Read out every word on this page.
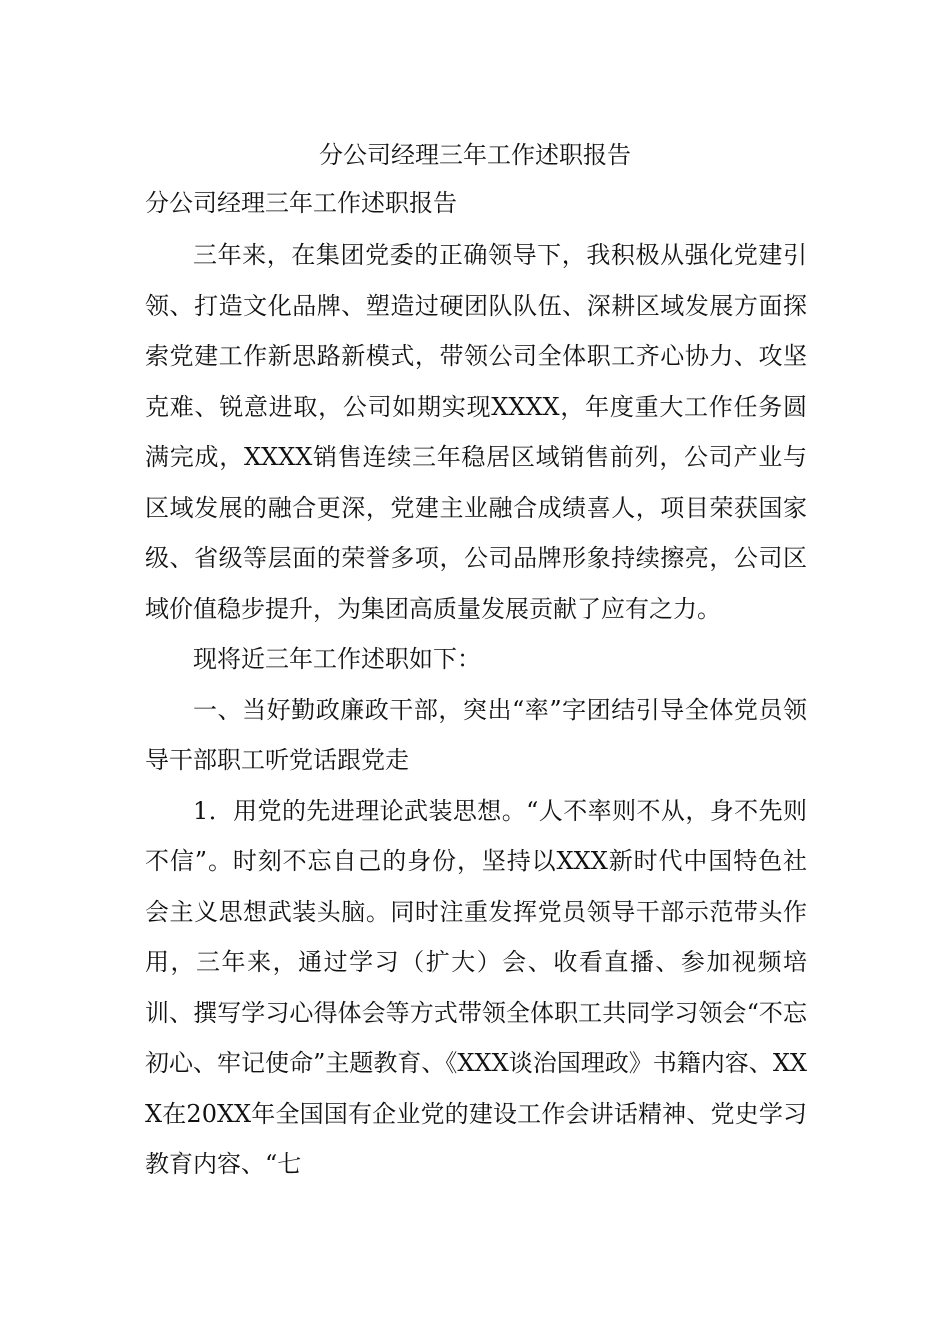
分公司经理三年工作述职报告

分公司经理三年工作述职报告

三年来，在集团党委的正确领导下，我积极从强化党建引领、打造文化品牌、塑造过硬团队队伍、深耕区域发展方面探索党建工作新思路新模式，带领公司全体职工齐心协力、攻坚克难、锐意进取，公司如期实现XXXX，年度重大工作任务圆满完成，XXXX销售连续三年稳居区域销售前列，公司产业与区域发展的融合更深，党建主业融合成绩喜人，项目荣获国家级、省级等层面的荣誉多项，公司品牌形象持续擦亮，公司区域价值稳步提升，为集团高质量发展贡献了应有之力。

现将近三年工作述职如下：

一、当好勤政廉政干部，突出“率”字团结引导全体党员领导干部职工听党话跟党走

1．用党的先进理论武装思想。“人不率则不从，身不先则不信”。时刻不忘自己的身份，坚持以XXX新时代中国特色社会主义思想武装头脑。同时注重发挥党员领导干部示范带头作用，三年来，通过学习（扩大）会、收看直播、参加视频培训、撰写学习心得体会等方式带领全体职工共同学习领会“不忘初心、牢记使命”主题教育、《XXX谈治国理政》书籍内容、XXX在20XX年全国国有企业党的建设工作会讲话精神、党史学习教育内容、“七
